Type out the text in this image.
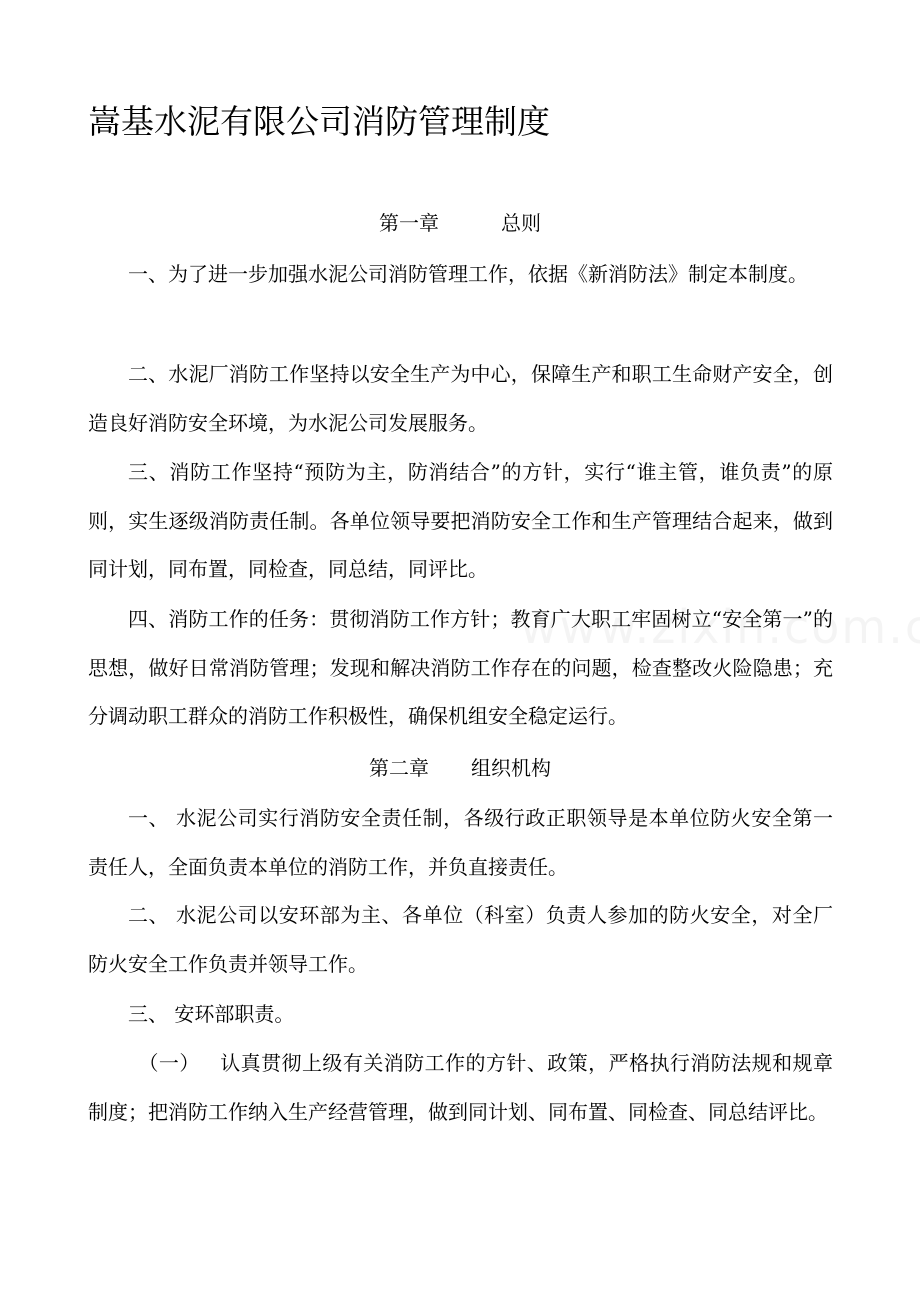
嵩基水泥有限公司消防管理制度
第一章	总则

一、为了进一步加强水泥公司消防管理工作，依据《新消防法》制定本制度。

二、水泥厂消防工作坚持以安全生产为中心，保障生产和职工生命财产安全，创造良好消防安全环境，为水泥公司发展服务。

三、消防工作坚持“预防为主，防消结合”的方针，实行“谁主管，谁负责”的原则，实生逐级消防责任制。各单位领导要把消防安全工作和生产管理结合起来，做到同计划，同布置，同检查，同总结，同评比。

四、消防工作的任务：贯彻消防工作方针；教育广大职工牢固树立“安全第一”的思想，做好日常消防管理；发现和解决消防工作存在的问题，检查整改火险隐患；充分调动职工群众的消防工作积极性，确保机组安全稳定运行。

第二章 组织机构

一、 水泥公司实行消防安全责任制，各级行政正职领导是本单位防火安全第一责任人，全面负责本单位的消防工作，并负直接责任。

二、 水泥公司以安环部为主、各单位（科室）负责人参加的防火安全，对全厂防火安全工作负责并领导工作。

三、 安环部职责。

（一） 认真贯彻上级有关消防工作的方针、政策，严格执行消防法规和规章制度；把消防工作纳入生产经营管理，做到同计划、同布置、同检查、同总结评比。
